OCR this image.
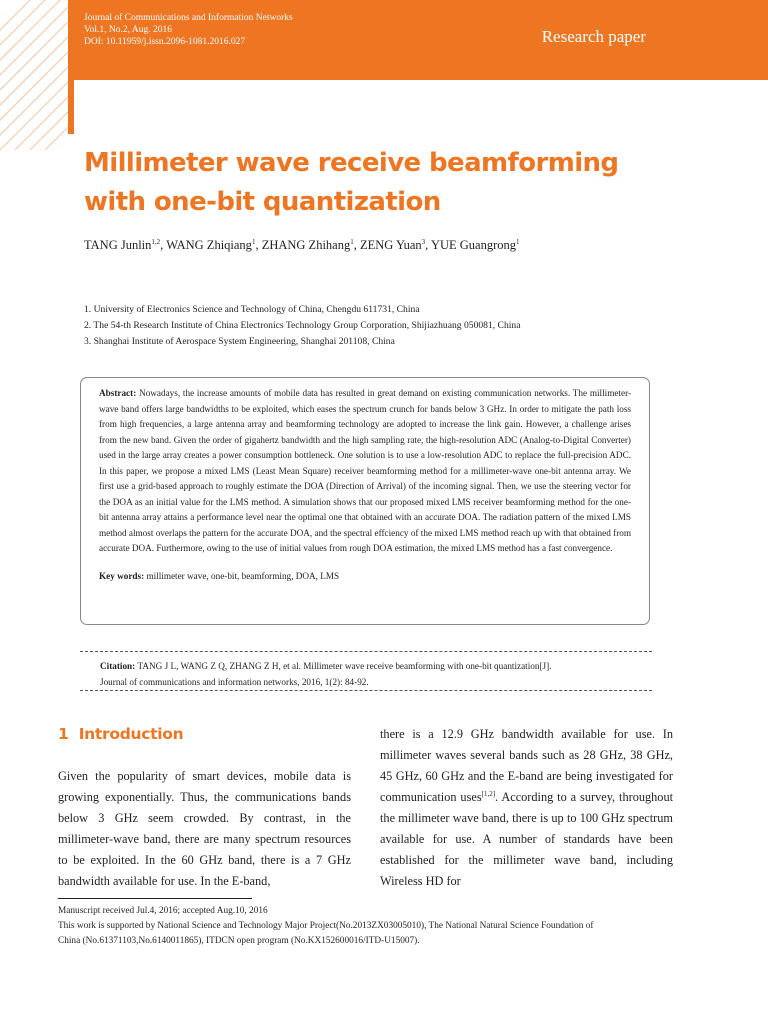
Journal of Communications and Information Networks
Vol.1, No.2, Aug. 2016
DOI: 10.11959/j.issn.2096-1081.2016.027	Research paper
Millimeter wave receive beamforming
with one-bit quantization
TANG Junlin$^{1,2}$, WANG Zhiqiang$^1$, ZHANG Zhihang$^1$, ZENG Yuan$^3$, YUE Guangrong$^1$
1. University of Electronics Science and Technology of China, Chengdu 611731, China
2. The 54-th Research Institute of China Electronics Technology Group Corporation, Shijiazhuang 050081, China
3. Shanghai Institute of Aerospace System Engineering, Shanghai 201108, China

Abstract: Nowadays, the increase amounts of mobile data has resulted in great demand on existing communication networks. The millimeter-wave band offers large bandwidths to be exploited, which eases the spectrum crunch for bands below 3 GHz. In order to mitigate the path loss from high frequencies, a large antenna array and beamforming technology are adopted to increase the link gain. However, a challenge arises from the new band. Given the order of gigahertz bandwidth and the high sampling rate, the high-resolution ADC (Analog-to-Digital Converter) used in the large array creates a power consumption bottleneck. One solution is to use a low-resolution ADC to replace the full-precision ADC. In this paper, we propose a mixed LMS (Least Mean Square) receiver beamforming method for a millimeter-wave one-bit antenna array. We first use a grid-based approach to roughly estimate the DOA (Direction of Arrival) of the incoming signal. Then, we use the steering vector for the DOA as an initial value for the LMS method. A simulation shows that our proposed mixed LMS receiver beamforming method for the one-bit antenna array attains a performance level near the optimal one that obtained with an accurate DOA. The radiation pattern of the mixed LMS method almost overlaps the pattern for the accurate DOA, and the spectral effciency of the mixed LMS method reach up with that obtained from accurate DOA. Furthermore, owing to the use of initial values from rough DOA estimation, the mixed LMS method has a fast convergence.

Key words: millimeter wave, one-bit, beamforming, DOA, LMS

Citation: TANG J L, WANG Z Q, ZHANG Z H, et al. Millimeter wave receive beamforming with one-bit quantization[J].
Journal of communications and information networks, 2016, 1(2): 84-92.
1 Introduction

Given the popularity of smart devices, mobile data is growing exponentially. Thus, the communications bands below 3 GHz seem crowded. By contrast, in the millimeter-wave band, there are many spectrum resources to be exploited. In the 60 GHz band, there is a 7 GHz bandwidth available for use. In the E-band,

there is a 12.9 GHz bandwidth available for use. In millimeter waves several bands such as 28 GHz, 38 GHz, 45 GHz, 60 GHz and the E-band are being investigated for communication uses[1,2]. According to a survey, throughout the millimeter wave band, there is up to 100 GHz spectrum available for use. A number of standards have been established for the millimeter wave band, including Wireless HD for

Manuscript received Jul.4, 2016; accepted Aug.10, 2016
This work is supported by National Science and Technology Major Project(No.2013ZX03005010), The National Natural Science Foundation of
China (No.61371103,No.6140011865), ITDCN open program (No.KX152600016/ITD-U15007).
